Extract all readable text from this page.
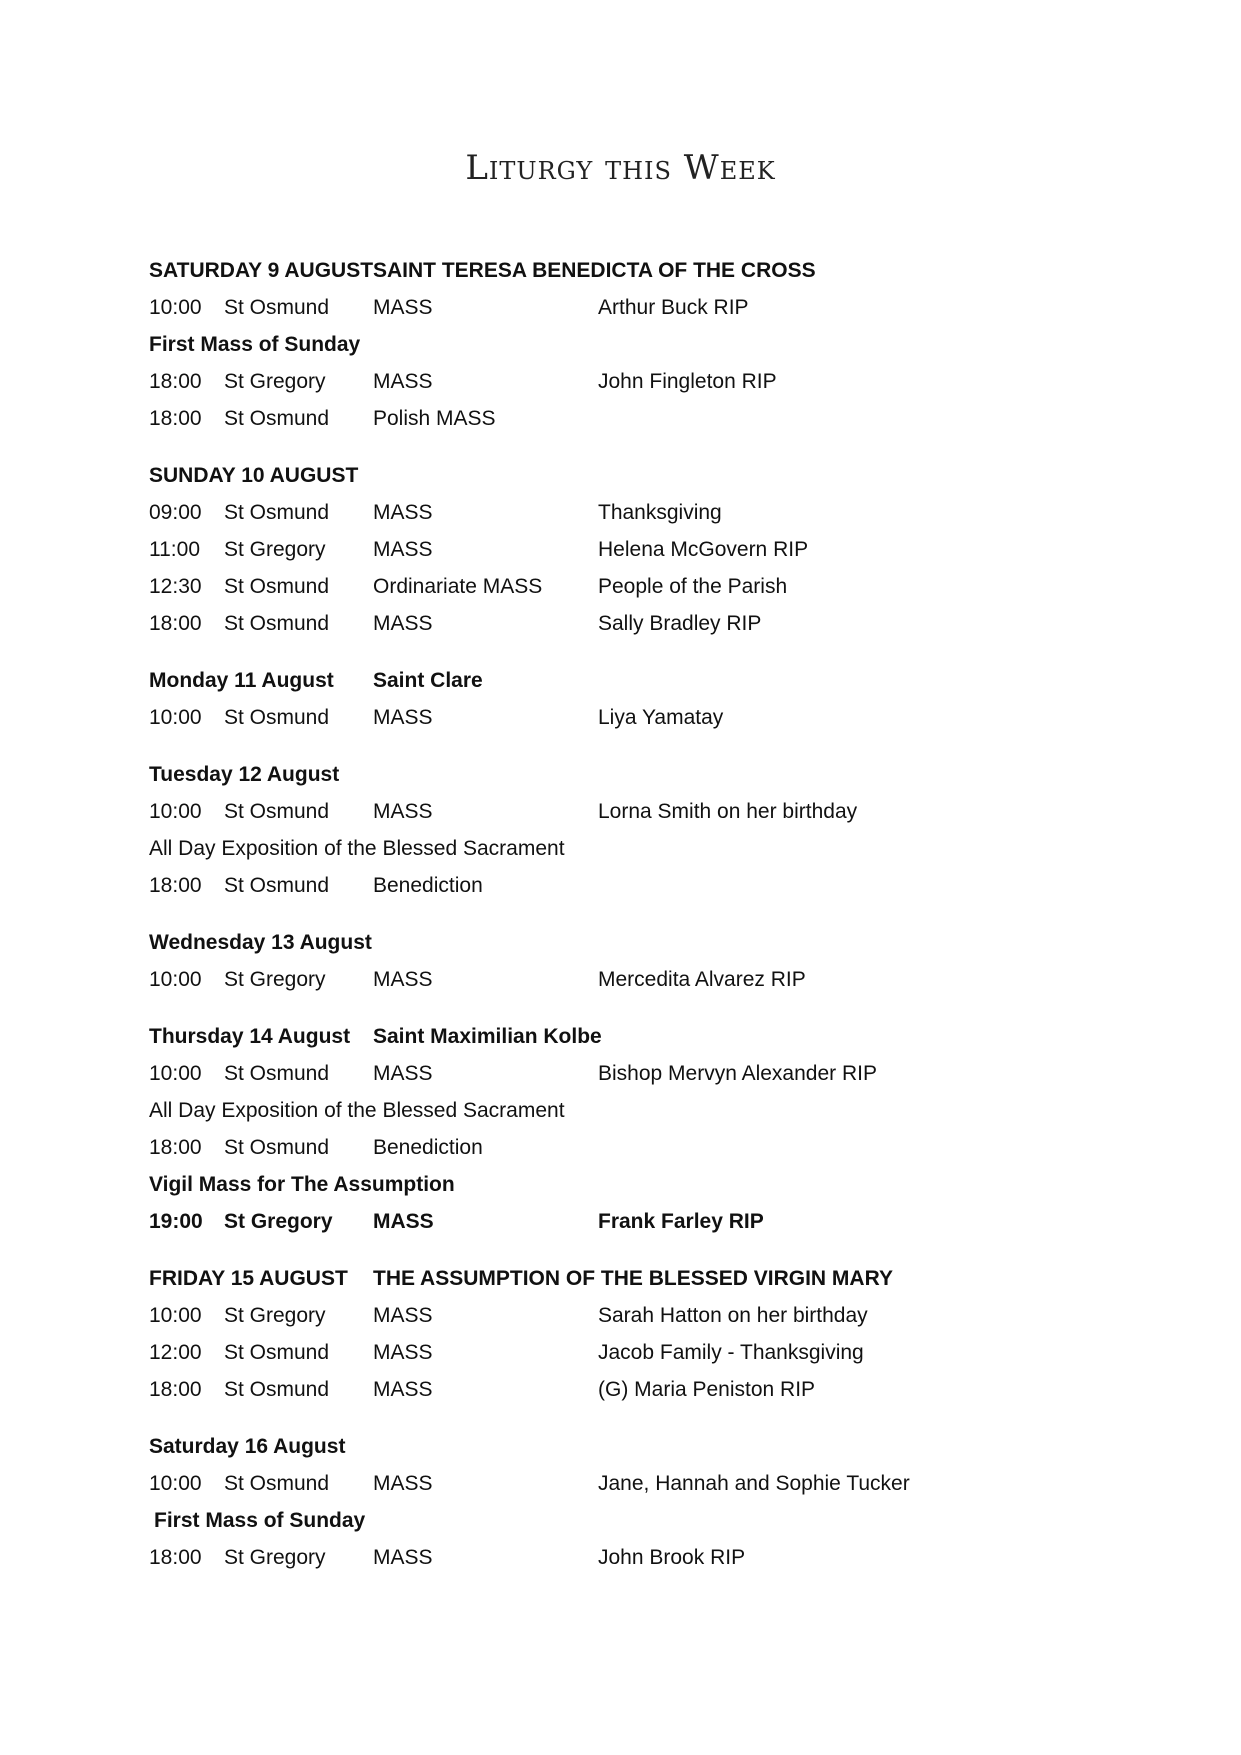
Liturgy this Week
SATURDAY 9 AUGUST SAINT TERESA BENEDICTA OF THE CROSS
10:00	St Osmund	MASS	Arthur Buck RIP
First Mass of Sunday
18:00	St Gregory	MASS	John Fingleton RIP
18:00	St Osmund	Polish MASS
SUNDAY 10 AUGUST
09:00	St Osmund	MASS	Thanksgiving
11:00	St Gregory	MASS	Helena McGovern RIP
12:30	St Osmund	Ordinariate MASS	People of the Parish
18:00	St Osmund	MASS	Sally Bradley RIP
Monday 11 August	Saint Clare
10:00	St Osmund	MASS	Liya Yamatay
Tuesday 12 August
10:00	St Osmund	MASS	Lorna Smith on her birthday
All Day Exposition of the Blessed Sacrament
18:00	St Osmund	Benediction
Wednesday 13 August
10:00	St Gregory	MASS	Mercedita Alvarez RIP
Thursday 14 August	Saint Maximilian Kolbe
10:00	St Osmund	MASS	Bishop Mervyn Alexander RIP
All Day Exposition of the Blessed Sacrament
18:00	St Osmund	Benediction
Vigil Mass for The Assumption
19:00	St Gregory	MASS	Frank Farley RIP
FRIDAY 15 AUGUST	THE ASSUMPTION OF THE BLESSED VIRGIN MARY
10:00	St Gregory	MASS	Sarah Hatton on her birthday
12:00	St Osmund	MASS	Jacob Family - Thanksgiving
18:00	St Osmund	MASS	(G) Maria Peniston RIP
Saturday 16 August
10:00	St Osmund	MASS	Jane, Hannah and Sophie Tucker
First Mass of Sunday
18:00	St Gregory	MASS	John Brook RIP
